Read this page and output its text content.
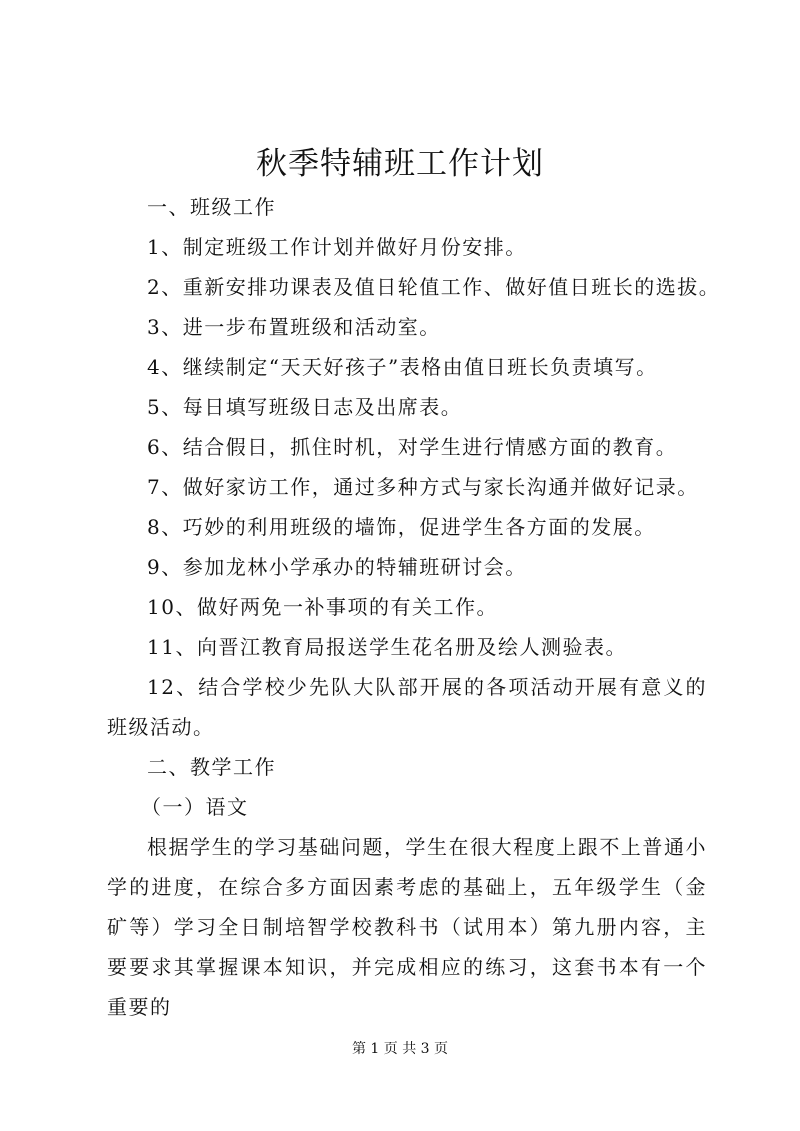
秋季特辅班工作计划
一、班级工作
1、制定班级工作计划并做好月份安排。
2、重新安排功课表及值日轮值工作、做好值日班长的选拔。
3、进一步布置班级和活动室。
4、继续制定“天天好孩子”表格由值日班长负责填写。
5、每日填写班级日志及出席表。
6、结合假日，抓住时机，对学生进行情感方面的教育。
7、做好家访工作，通过多种方式与家长沟通并做好记录。
8、巧妙的利用班级的墙饰，促进学生各方面的发展。
9、参加龙林小学承办的特辅班研讨会。
10、做好两免一补事项的有关工作。
11、向晋江教育局报送学生花名册及绘人测验表。

12、结合学校少先队大队部开展的各项活动开展有意义的班级活动。

二、教学工作
（一）语文

根据学生的学习基础问题，学生在很大程度上跟不上普通小学的进度，在综合多方面因素考虑的基础上，五年级学生（金矿等）学习全日制培智学校教科书（试用本）第九册内容，主要要求其掌握课本知识，并完成相应的练习，这套书本有一个重要的

第 1 页 共 3 页
